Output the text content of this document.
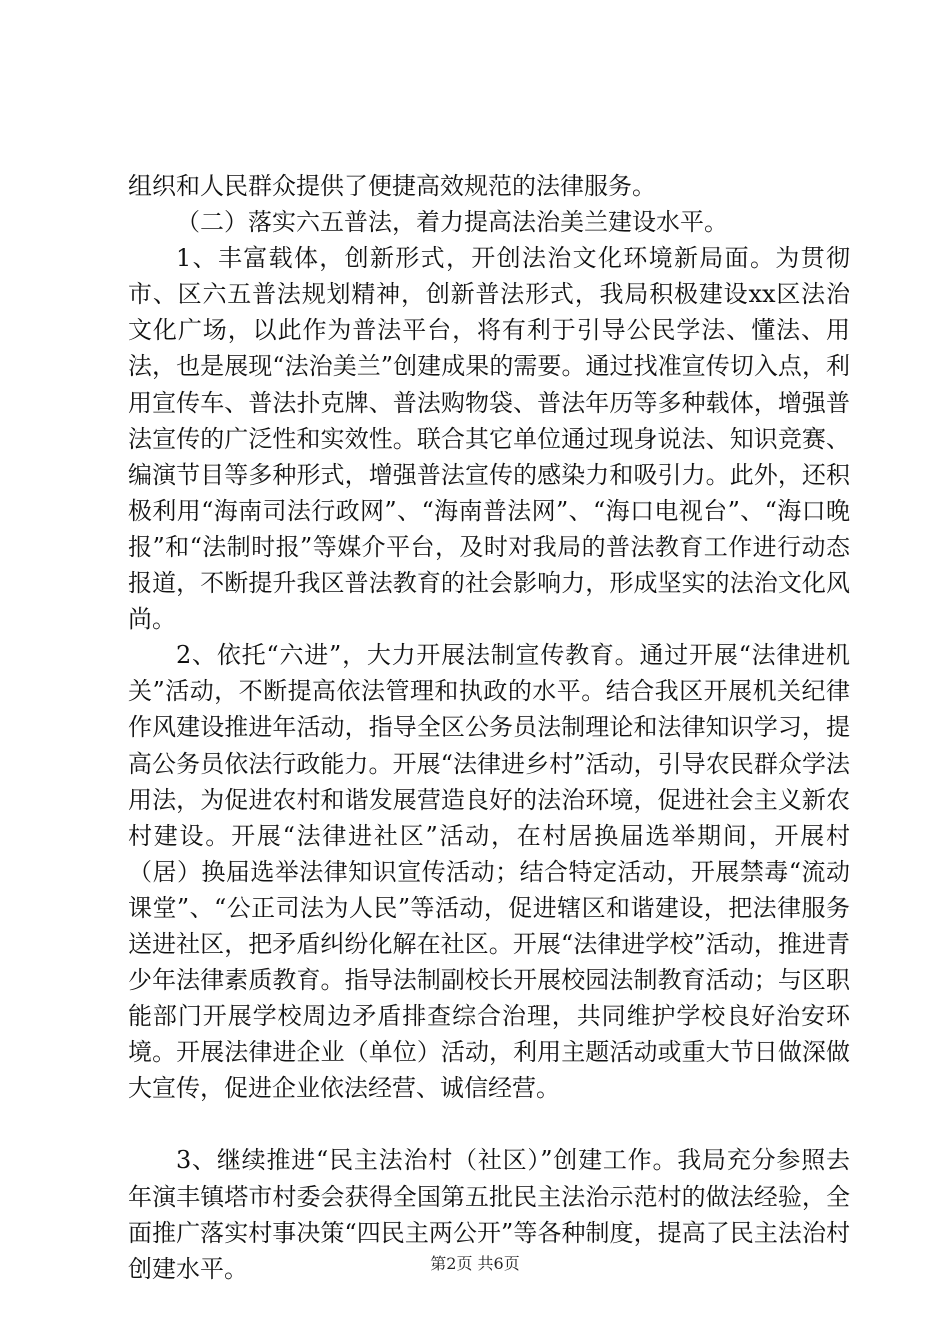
组织和人民群众提供了便捷高效规范的法律服务。

（二）落实六五普法，着力提高法治美兰建设水平。

1、丰富载体，创新形式，开创法治文化环境新局面。为贯彻市、区六五普法规划精神，创新普法形式，我局积极建设xx区法治文化广场，以此作为普法平台，将有利于引导公民学法、懂法、用法，也是展现“法治美兰”创建成果的需要。通过找准宣传切入点，利用宣传车、普法扑克牌、普法购物袋、普法年历等多种载体，增强普法宣传的广泛性和实效性。联合其它单位通过现身说法、知识竞赛、编演节目等多种形式，增强普法宣传的感染力和吸引力。此外，还积极利用“海南司法行政网”、“海南普法网”、“海口电视台”、“海口晚报”和“法制时报”等媒介平台，及时对我局的普法教育工作进行动态报道，不断提升我区普法教育的社会影响力，形成坚实的法治文化风尚。

2、依托“六进”，大力开展法制宣传教育。通过开展“法律进机关”活动，不断提高依法管理和执政的水平。结合我区开展机关纪律作风建设推进年活动，指导全区公务员法制理论和法律知识学习，提高公务员依法行政能力。开展“法律进乡村”活动，引导农民群众学法用法，为促进农村和谐发展营造良好的法治环境，促进社会主义新农村建设。开展“法律进社区”活动，在村居换届选举期间，开展村（居）换届选举法律知识宣传活动；结合特定活动，开展禁毒“流动课堂”、“公正司法为人民”等活动，促进辖区和谐建设，把法律服务送进社区，把矛盾纠纷化解在社区。开展“法律进学校”活动，推进青少年法律素质教育。指导法制副校长开展校园法制教育活动；与区职能部门开展学校周边矛盾排查综合治理，共同维护学校良好治安环境。开展法律进企业（单位）活动，利用主题活动或重大节日做深做大宣传，促进企业依法经营、诚信经营。

3、继续推进“民主法治村（社区）”创建工作。我局充分参照去年演丰镇塔市村委会获得全国第五批民主法治示范村的做法经验，全面推广落实村事决策“四民主两公开”等各种制度，提高了民主法治村创建水平。	第2页 共6页
